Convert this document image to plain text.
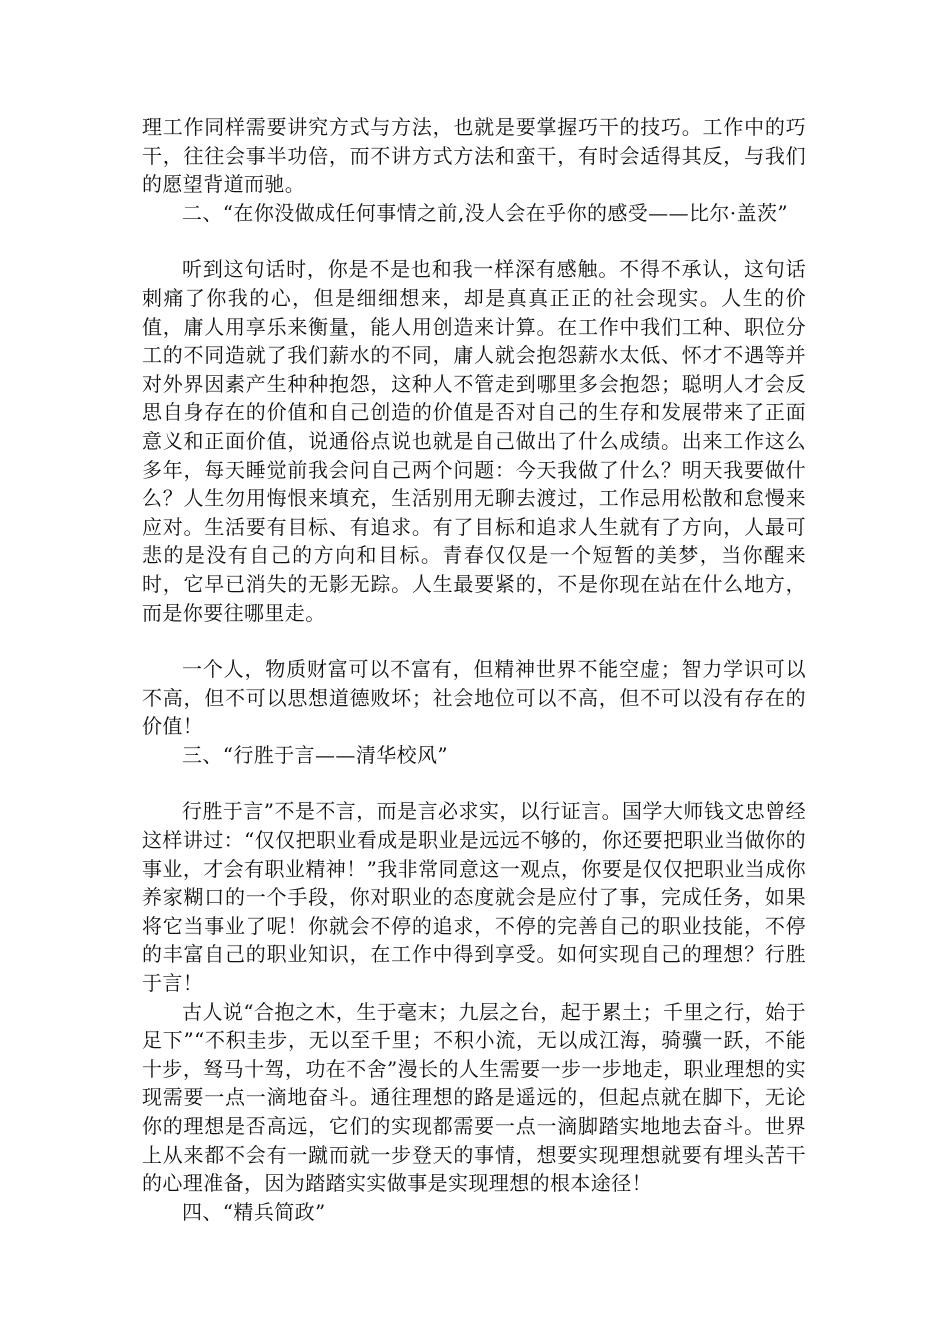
理工作同样需要讲究方式与方法，也就是要掌握巧干的技巧。工作中的巧干，往往会事半功倍，而不讲方式方法和蛮干，有时会适得其反，与我们的愿望背道而驰。

二、“在你没做成任何事情之前,没人会在乎你的感受——比尔·盖茨”

听到这句话时，你是不是也和我一样深有感触。不得不承认，这句话刺痛了你我的心，但是细细想来，却是真真正正的社会现实。人生的价值，庸人用享乐来衡量，能人用创造来计算。在工作中我们工种、职位分工的不同造就了我们薪水的不同，庸人就会抱怨薪水太低、怀才不遇等并对外界因素产生种种抱怨，这种人不管走到哪里多会抱怨；聪明人才会反思自身存在的价值和自己创造的价值是否对自己的生存和发展带来了正面意义和正面价值，说通俗点说也就是自己做出了什么成绩。出来工作这么多年，每天睡觉前我会问自己两个问题：今天我做了什么？明天我要做什么？人生勿用悔恨来填充，生活别用无聊去渡过，工作忌用松散和怠慢来应对。生活要有目标、有追求。有了目标和追求人生就有了方向，人最可悲的是没有自己的方向和目标。青春仅仅是一个短暂的美梦，当你醒来时，它早已消失的无影无踪。人生最要紧的，不是你现在站在什么地方，而是你要往哪里走。

一个人，物质财富可以不富有，但精神世界不能空虚；智力学识可以不高，但不可以思想道德败坏；社会地位可以不高，但不可以没有存在的价值！

三、“行胜于言——清华校风”

行胜于言”不是不言，而是言必求实，以行证言。国学大师钱文忠曾经这样讲过：“仅仅把职业看成是职业是远远不够的，你还要把职业当做你的事业，才会有职业精神！”我非常同意这一观点，你要是仅仅把职业当成你养家糊口的一个手段，你对职业的态度就会是应付了事，完成任务，如果将它当事业了呢！你就会不停的追求，不停的完善自己的职业技能，不停的丰富自己的职业知识，在工作中得到享受。如何实现自己的理想？行胜于言！

古人说“合抱之木，生于毫末；九层之台，起于累土；千里之行，始于足下”“不积圭步，无以至千里；不积小流，无以成江海，骑骥一跃，不能十步，驽马十驾，功在不舍”漫长的人生需要一步一步地走，职业理想的实现需要一点一滴地奋斗。通往理想的路是遥远的，但起点就在脚下，无论你的理想是否高远，它们的实现都需要一点一滴脚踏实地地去奋斗。世界上从来都不会有一蹴而就一步登天的事情，想要实现理想就要有埋头苦干的心理准备，因为踏踏实实做事是实现理想的根本途径！

四、“精兵简政”
